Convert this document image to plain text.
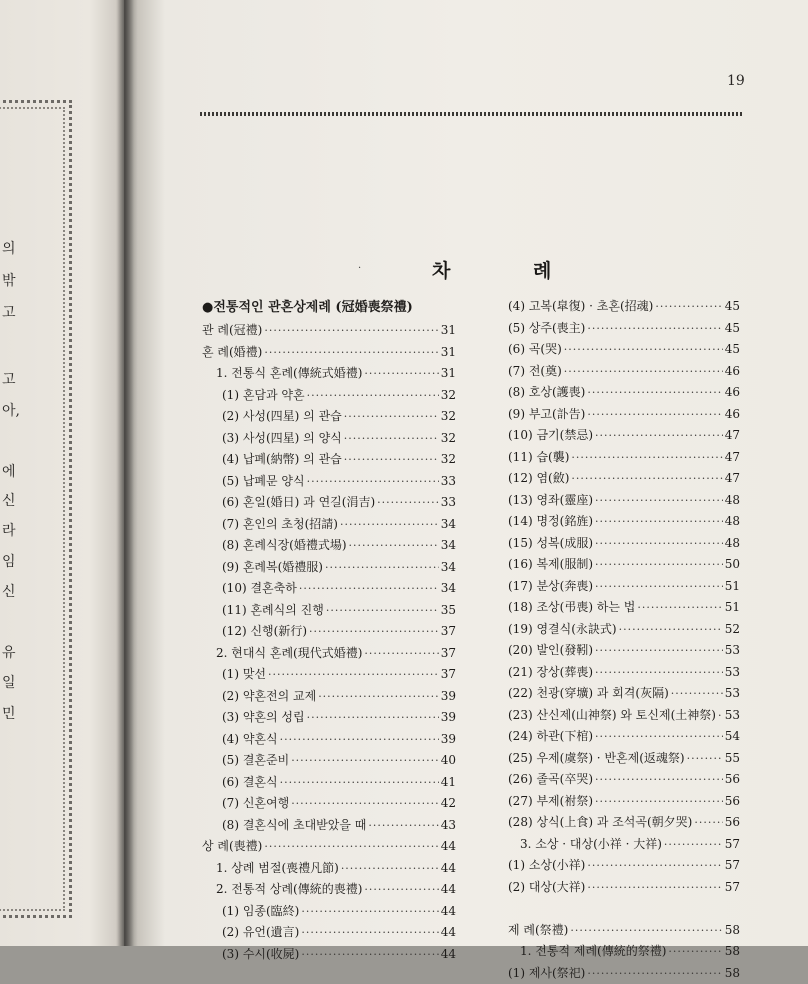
의
밖
고
고
아,
에
신
라
임
신
유
일
민
19
·	차 례
●전통적인 관혼상제례 (冠婚喪祭禮)
관 례(冠禮) ·····	31
혼 례(婚禮) ·····	31
1. 전통식 혼례(傳統式婚禮) ·····	31
(1) 혼담과 약혼 ·····	32
(2) 사성(四星) 의 관습 ·····	32
(3) 사성(四星) 의 양식 ·····	32
(4) 납폐(納幣) 의 관습 ·····	32
(5) 납폐문 양식 ·····	33
(6) 혼일(婚日) 과 연길(涓吉) ·····	33
(7) 혼인의 초청(招請) ·····	34
(8) 혼례식장(婚禮式場) ·····	34
(9) 혼례복(婚禮服) ·····	34
(10) 결혼축하 ·····	34
(11) 혼례식의 진행 ·····	35
(12) 신행(新行) ·····	37
2. 현대식 혼례(現代式婚禮) ·····	37
(1) 맞선 ·····	37
(2) 약혼전의 교제 ·····	39
(3) 약혼의 성립 ·····	39
(4) 약혼식 ·····	39
(5) 결혼준비 ·····	40
(6) 결혼식 ·····	41
(7) 신혼여행 ·····	42
(8) 결혼식에 초대받았을 때 ·····	43
상 례(喪禮) ·····	44
1. 상례 범절(喪禮凡節) ·····	44
2. 전통적 상례(傳統的喪禮) ·····	44
(1) 임종(臨終) ·····	44
(2) 유언(遺言) ·····	44
(3) 수시(收屍) ·····	44
(4) 고복(皐復) · 초혼(招魂) ·····	45
(5) 상주(喪主) ·····	45
(6) 곡(哭) ·····	45
(7) 전(奠) ·····	46
(8) 호상(護喪) ·····	46
(9) 부고(訃告) ·····	46
(10) 금기(禁忌) ·····	47
(11) 습(襲) ·····	47
(12) 염(斂) ·····	47
(13) 영좌(靈座) ·····	48
(14) 명정(銘旌) ·····	48
(15) 성복(成服) ·····	48
(16) 복제(服制) ·····	50
(17) 분상(奔喪) ·····	51
(18) 조상(弔喪) 하는 법 ·····	51
(19) 영결식(永訣式) ·····	52
(20) 발인(發靷) ·····	53
(21) 장상(葬喪) ·····	53
(22) 천광(穿壙) 과 회격(灰隔) ·····	53
(23) 산신제(山神祭) 와 토신제(土神祭) ····· 53
(24) 하관(下棺) ·····	54
(25) 우제(虞祭) · 반혼제(返魂祭) ·····	55
(26) 졸곡(卒哭) ·····	56
(27) 부제(祔祭) ·····	56
(28) 상식(上食) 과 조석곡(朝夕哭) ·····	56
3. 소상 · 대상(小祥 · 大祥) ·····	57
(1) 소상(小祥) ·····	57
(2) 대상(大祥) ·····	57
제 례(祭禮) ·····	58
1. 전통적 제례(傳統的祭禮) ·····	58
(1) 제사(祭祀) ·····	58
